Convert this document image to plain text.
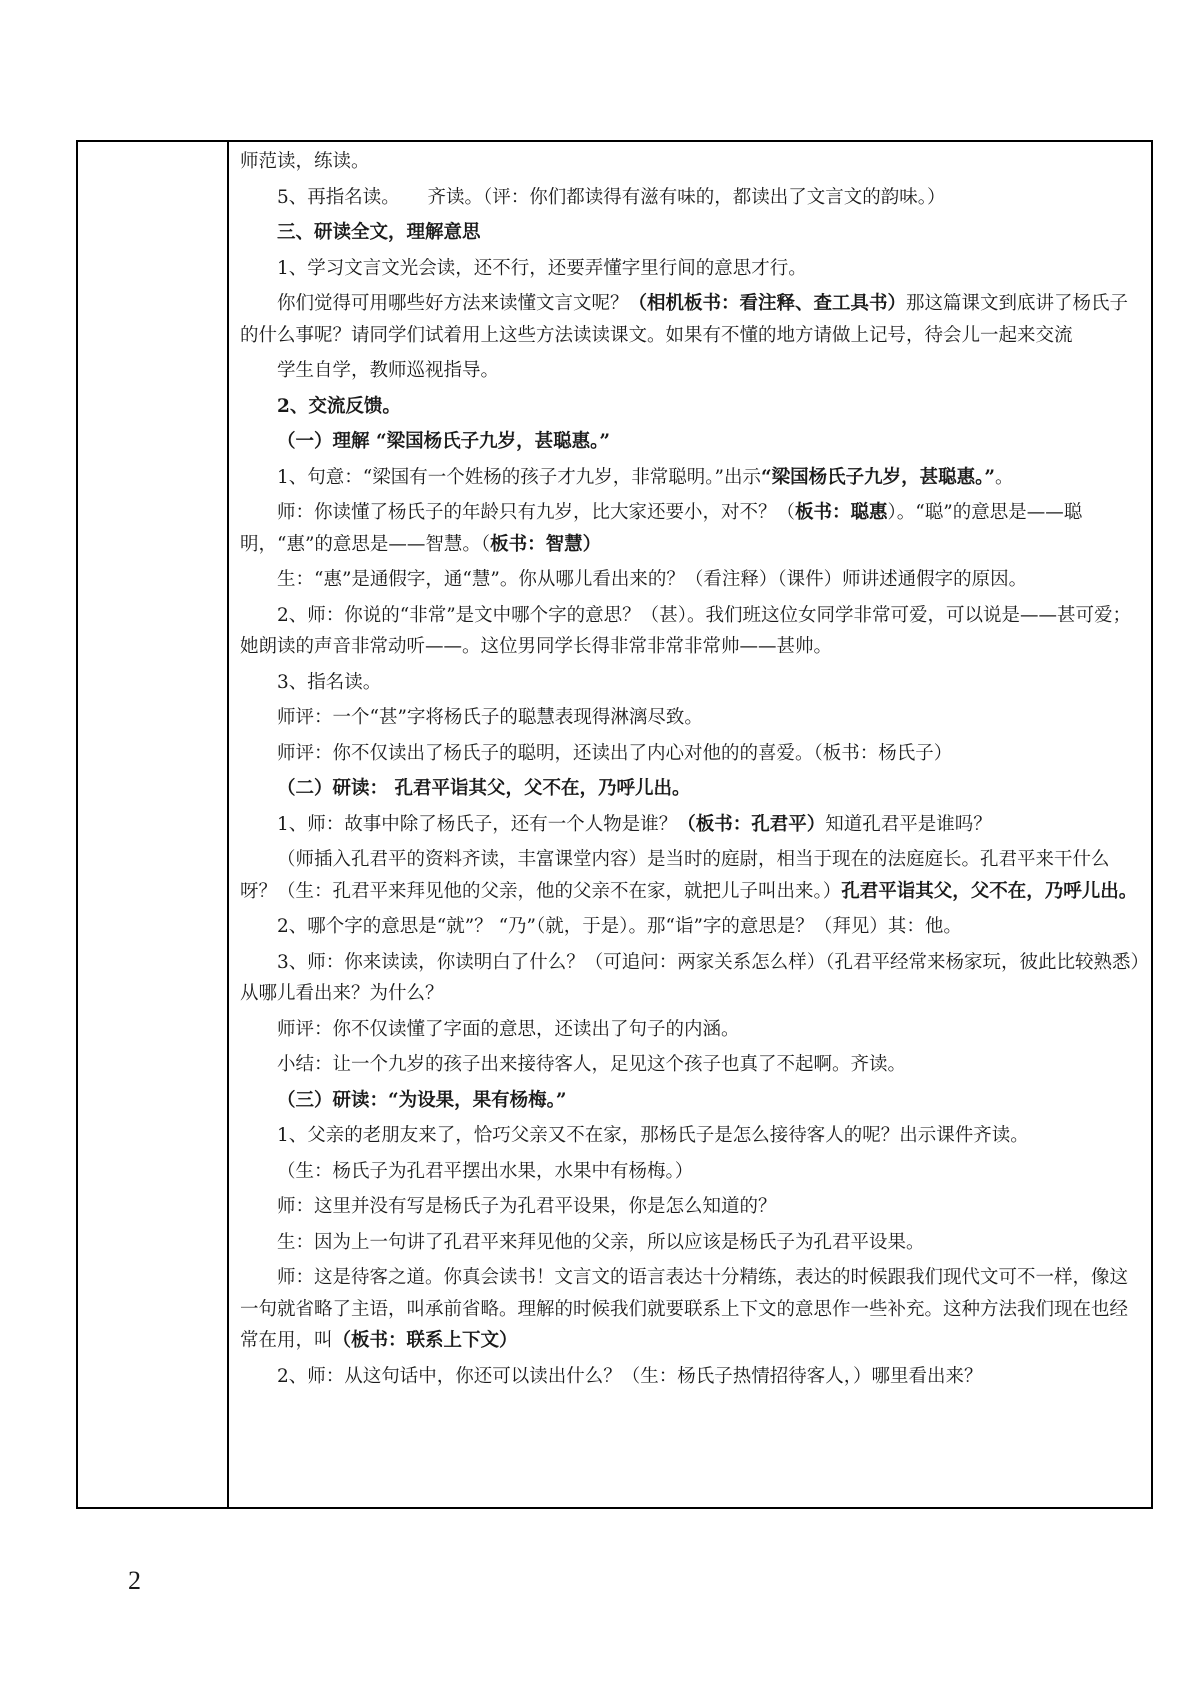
师范读，练读。

5、再指名读。　　齐读。（评：你们都读得有滋有味的，都读出了文言文的韵味。）

三、研读全文，理解意思

1、学习文言文光会读，还不行，还要弄懂字里行间的意思才行。

你们觉得可用哪些好方法来读懂文言文呢？（相机板书：看注释、查工具书）那这篇课文到底讲了杨氏子的什么事呢？请同学们试着用上这些方法读读课文。如果有不懂的地方请做上记号，待会儿一起来交流

学生自学，教师巡视指导。

2、交流反馈。

（一）理解 “梁国杨氏子九岁，甚聪惠。”

1、句意：“梁国有一个姓杨的孩子才九岁，非常聪明。”出示“梁国杨氏子九岁，甚聪惠。”。

师：你读懂了杨氏子的年龄只有九岁，比大家还要小，对不？（板书：聪惠）。“聪”的意思是——聪明，“惠”的意思是——智慧。（板书：智慧）

生：“惠”是通假字，通“慧”。你从哪儿看出来的？（看注释）（课件）师讲述通假字的原因。

2、师：你说的“非常”是文中哪个字的意思？（甚）。我们班这位女同学非常可爱，可以说是——甚可爱；她朗读的声音非常动听——。这位男同学长得非常非常非常帅——甚帅。

3、指名读。

师评：一个“甚”字将杨氏子的聪慧表现得淋漓尽致。

师评：你不仅读出了杨氏子的聪明，还读出了内心对他的的喜爱。（板书：杨氏子）

（二）研读： 孔君平诣其父，父不在，乃呼儿出。

1、师：故事中除了杨氏子，还有一个人物是谁？（板书：孔君平）知道孔君平是谁吗？

（师插入孔君平的资料齐读，丰富课堂内容）是当时的庭尉，相当于现在的法庭庭长。孔君平来干什么呀？（生：孔君平来拜见他的父亲，他的父亲不在家，就把儿子叫出来。）孔君平诣其父，父不在，乃呼儿出。

2、哪个字的意思是“就”？ “乃”（就，于是）。那“诣”字的意思是？（拜见）其：他。

3、师：你来读读，你读明白了什么？（可追问：两家关系怎么样）（孔君平经常来杨家玩，彼此比较熟悉）从哪儿看出来？为什么？

师评：你不仅读懂了字面的意思，还读出了句子的内涵。

小结：让一个九岁的孩子出来接待客人，足见这个孩子也真了不起啊。齐读。

（三）研读：“为设果，果有杨梅。”

1、父亲的老朋友来了，恰巧父亲又不在家，那杨氏子是怎么接待客人的呢？出示课件齐读。

（生：杨氏子为孔君平摆出水果，水果中有杨梅。）

师：这里并没有写是杨氏子为孔君平设果，你是怎么知道的？

生：因为上一句讲了孔君平来拜见他的父亲，所以应该是杨氏子为孔君平设果。

师：这是待客之道。你真会读书！文言文的语言表达十分精练，表达的时候跟我们现代文可不一样，像这一句就省略了主语，叫承前省略。理解的时候我们就要联系上下文的意思作一些补充。这种方法我们现在也经常在用，叫（板书：联系上下文）

2、师：从这句话中，你还可以读出什么？（生：杨氏子热情招待客人，）哪里看出来？

2
